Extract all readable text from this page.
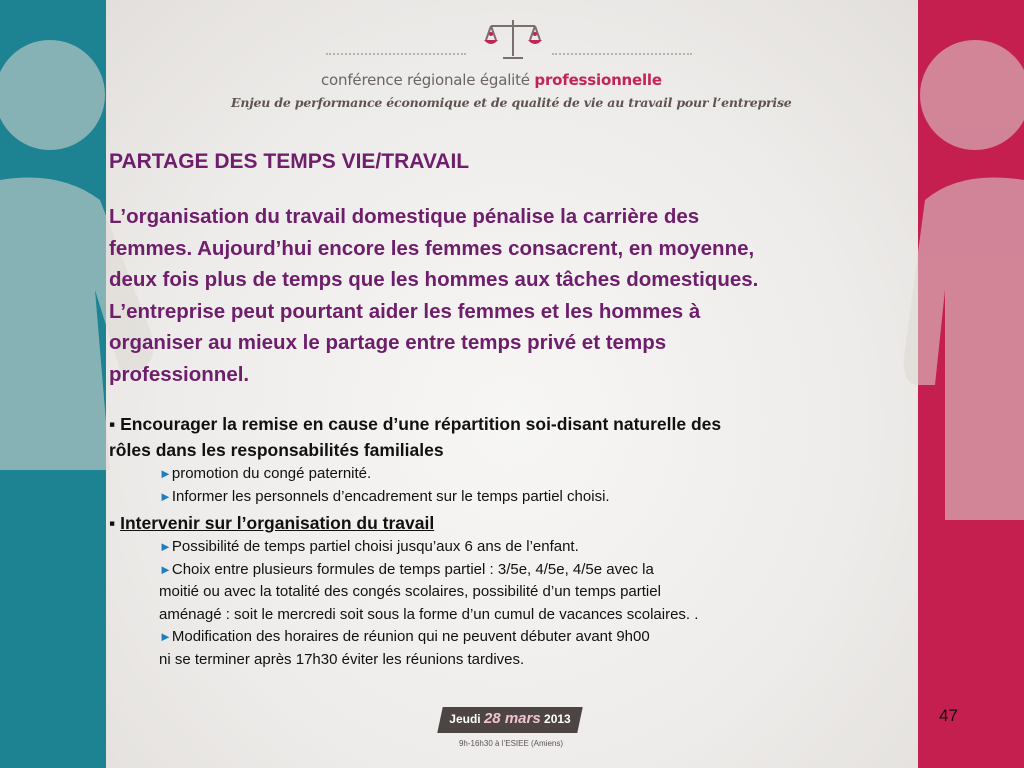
conférence régionale égalité professionnelle
Enjeu de performance économique et de qualité de vie au travail pour l’entreprise
PARTAGE DES TEMPS VIE/TRAVAIL
L’organisation du travail domestique pénalise la carrière des
femmes. Aujourd’hui encore les femmes consacrent, en moyenne,
deux fois plus de temps que les hommes aux tâches domestiques.
L’entreprise peut pourtant aider les femmes et les hommes à
organiser au mieux le partage entre temps privé et temps
professionnel.
▪ Encourager la remise en cause d’une répartition soi-disant naturelle des
rôles dans les responsabilités familiales
►promotion du congé paternité.
►Informer les personnels d’encadrement sur le temps partiel choisi.
▪ Intervenir sur l’organisation du travail
►Possibilité de temps partiel choisi jusqu’aux 6 ans de l’enfant.
►Choix entre plusieurs formules de temps partiel : 3/5e, 4/5e, 4/5e avec la
moitié ou avec la totalité des congés scolaires, possibilité d’un temps partiel
aménagé : soit le mercredi soit sous la forme d’un cumul de vacances scolaires. .
►Modification des horaires de réunion qui ne peuvent débuter avant 9h00
ni se terminer après 17h30 éviter les réunions tardives.
Jeudi 28 mars 2013
9h-16h30 à l’ESIEE (Amiens)
47
